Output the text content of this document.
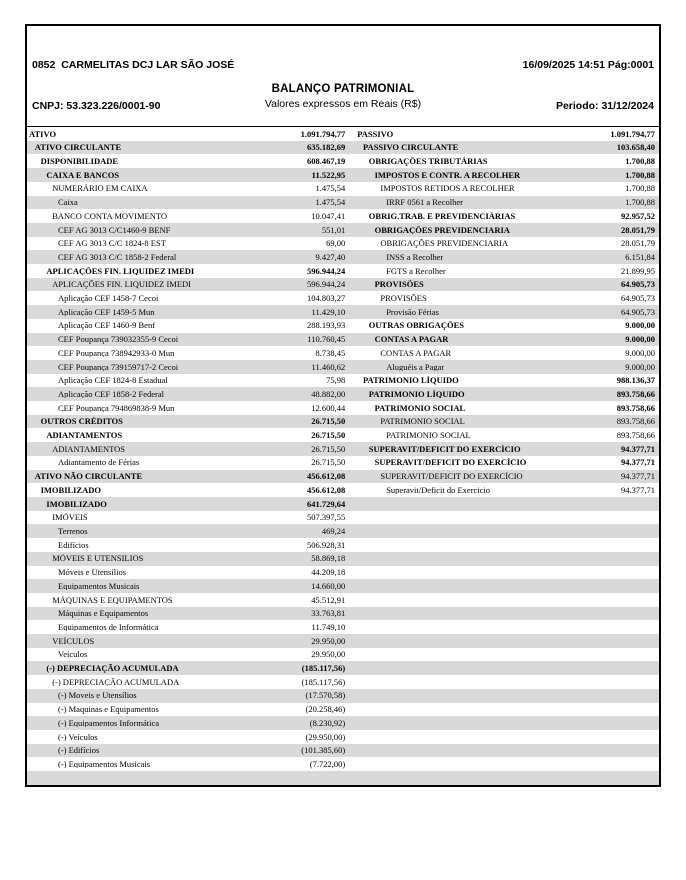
0852  CARMELITAS DCJ LAR SÃO JOSÉ

CNPJ: 53.323.226/0001-90

16/09/2025 14:51 Pág:0001

Periodo: 31/12/2024

BALANÇO PATRIMONIAL
Valores expressos em Reais (R$)
ATIVO	1.091.794,77	PASSIVO	1.091.794,77
ATIVO CIRCULANTE	635.182,69	PASSIVO CIRCULANTE	103.658,40
DISPONIBILIDADE	608.467,19	OBRIGAÇÕES TRIBUTÁRIAS	1.700,88
CAIXA E BANCOS	11.522,95	IMPOSTOS E CONTR. A RECOLHER	1.700,88
NUMERÁRIO EM CAIXA	1.475,54	IMPOSTOS RETIDOS A RECOLHER	1.700,88
Caixa	1.475,54	IRRF 0561 a Recolher	1.700,88
BANCO CONTA MOVIMENTO	10.047,41	OBRIG.TRAB. E PREVIDENCIÁRIAS	92.957,52
CEF AG 3013 C/C1460-9 BENF	551,01	OBRIGAÇÕES PREVIDENCIARIA	28.051,79
CEF AG 3013 C/C 1824-8 EST	69,00	OBRIGAÇÕES PREVIDENCIARIA	28.051,79
CEF AG 3013 C/C 1858-2 Federal	9.427,40	INSS a Recolher	6.151,84
APLICAÇÕES FIN. LIQUIDEZ IMEDI	596.944,24	FGTS a Recolher	21.899,95
APLICAÇÕES FIN. LIQUIDEZ IMEDI	596.944,24	PROVISÕES	64.905,73
Aplicação CEF 1458-7 Cecoi	104.803,27	PROVISÕES	64.905,73
Aplicação CEF 1459-5 Mun	11.429,10	Provisão Férias	64.905,73
Aplicação CEF 1460-9 Benf	288.193,93	OUTRAS OBRIGAÇÕES	9.000,00
CEF Poupança 739032355-9 Cecoi	110.760,45	CONTAS A PAGAR	9.000,00
CEF Poupança 738942933-0 Mun	8.738,45	CONTAS A PAGAR	9.000,00
CEF Poupança 739159717-2 Cecoi	11.460,62	Aluguéis a Pagar	9.000,00
Aplicação CEF 1824-8 Estadual	75,98	PATRIMONIO LÍQUIDO	988.136,37
Aplicação CEF 1858-2 Federal	48.882,00	PATRIMONIO LÍQUIDO	893.758,66
CEF Poupança 794869838-9 Mun	12.600,44	PATRIMONIO SOCIAL	893.758,66
OUTROS CRÉDITOS	26.715,50	PATRIMONIO SOCIAL	893.758,66
ADIANTAMENTOS	26.715,50	PATRIMONIO SOCIAL	893.758,66
ADIANTAMENTOS	26.715,50	SUPERAVIT/DEFICIT DO EXERCÍCIO	94.377,71
Adiantamento de Férias	26.715,50	SUPERAVIT/DEFICIT DO EXERCÍCIO	94.377,71
ATIVO NÃO CIRCULANTE	456.612,08	SUPERAVIT/DEFICIT DO EXERCÍCIO	94.377,71
IMOBILIZADO	456.612,08	Superavit/Deficit do Exercicio	94.377,71
IMOBILIZADO	641.729,64
IMÓVEIS	507.397,55
Terrenos	469,24
Edifícios	506.928,31
MÓVEIS E UTENSILIOS	58.869,18
Móveis e Utensílios	44.209,18
Equipamentos Musicais	14.660,00
MÁQUINAS E EQUIPAMENTOS	45.512,91
Máquinas e Equipamentos	33.763,81
Equipamentos de Informática	11.749,10
VEÍCULOS	29.950,00
Veículos	29.950,00
(-) DEPRECIAÇÃO ACUMULADA	(185.117,56)
(-) DEPRECIAÇÃO ACUMULADA	(185.117,56)
(-) Moveis e Utensílios	(17.570,58)
(-) Maquinas e Equipamentos	(20.258,46)
(-) Equipamentos Informática	(8.230,92)
(-) Veículos	(29.950,00)
(-) Edifícios	(101.385,60)
(-) Equipamentos Musicais	(7.722,00)
